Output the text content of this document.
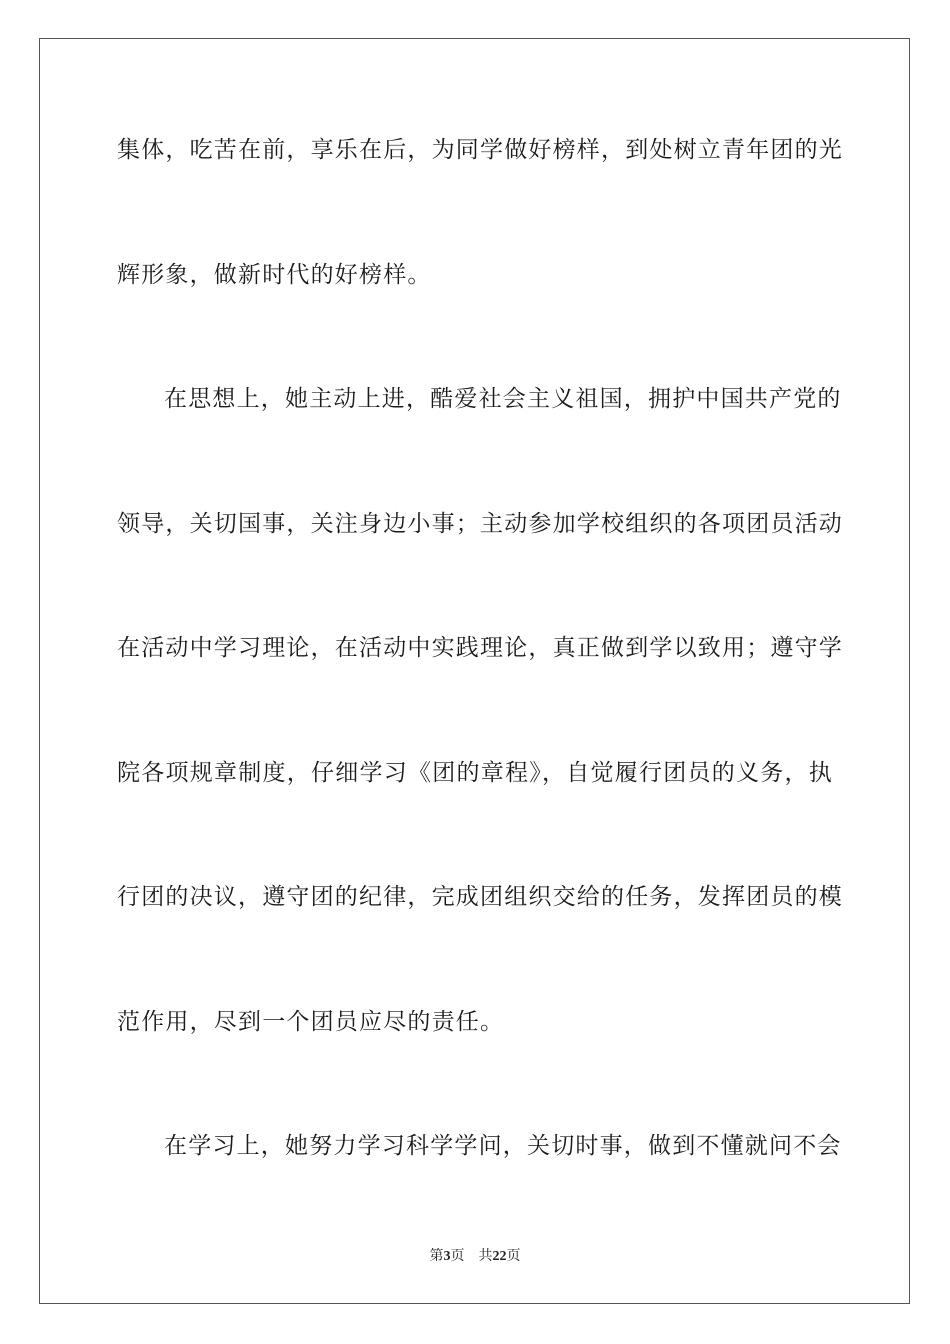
集体，吃苦在前，享乐在后，为同学做好榜样，到处树立青年团的光
辉形象，做新时代的好榜样。
在思想上，她主动上进，酷爱社会主义祖国，拥护中国共产党的
领导，关切国事，关注身边小事；主动参加学校组织的各项团员活动
在活动中学习理论，在活动中实践理论，真正做到学以致用；遵守学
院各项规章制度，仔细学习《团的章程》，自觉履行团员的义务，执
行团的决议，遵守团的纪律，完成团组织交给的任务，发挥团员的模
范作用，尽到一个团员应尽的责任。
在学习上，她努力学习科学学问，关切时事，做到不懂就问不会
第3页 共22页
